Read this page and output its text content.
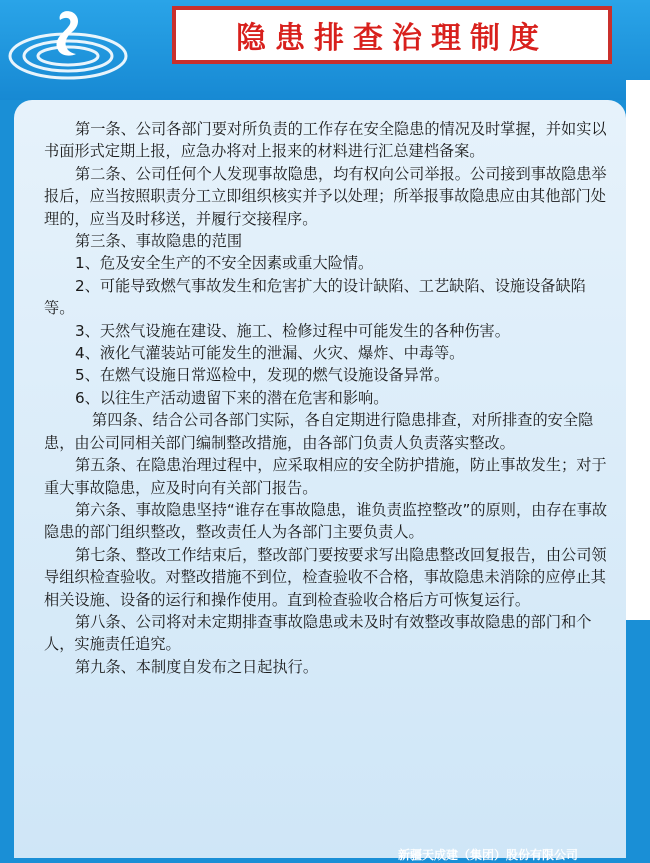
隐患排查治理制度

第一条、公司各部门要对所负责的工作存在安全隐患的情况及时掌握，并如实以书面形式定期上报，应急办将对上报来的材料进行汇总建档备案。

第二条、公司任何个人发现事故隐患，均有权向公司举报。公司接到事故隐患举报后，应当按照职责分工立即组织核实并予以处理；所举报事故隐患应由其他部门处理的，应当及时移送，并履行交接程序。

第三条、事故隐患的范围

1、危及安全生产的不安全因素或重大险情。

2、可能导致燃气事故发生和危害扩大的设计缺陷、工艺缺陷、设施设备缺陷等。

3、天然气设施在建设、施工、检修过程中可能发生的各种伤害。

4、液化气灌装站可能发生的泄漏、火灾、爆炸、中毒等。

5、在燃气设施日常巡检中，发现的燃气设施设备异常。

6、以往生产活动遗留下来的潜在危害和影响。

第四条、结合公司各部门实际，各自定期进行隐患排查，对所排查的安全隐患，由公司同相关部门编制整改措施，由各部门负责人负责落实整改。

第五条、在隐患治理过程中，应采取相应的安全防护措施，防止事故发生；对于重大事故隐患，应及时向有关部门报告。

第六条、事故隐患坚持“谁存在事故隐患，谁负责监控整改”的原则，由存在事故隐患的部门组织整改，整改责任人为各部门主要负责人。

第七条、整改工作结束后，整改部门要按要求写出隐患整改回复报告，由公司领导组织检查验收。对整改措施不到位，检查验收不合格，事故隐患未消除的应停止其相关设施、设备的运行和操作使用。直到检查验收合格后方可恢复运行。

第八条、公司将对未定期排查事故隐患或未及时有效整改事故隐患的部门和个人，实施责任追究。

第九条、本制度自发布之日起执行。

新疆天成建（集团）股份有限公司
